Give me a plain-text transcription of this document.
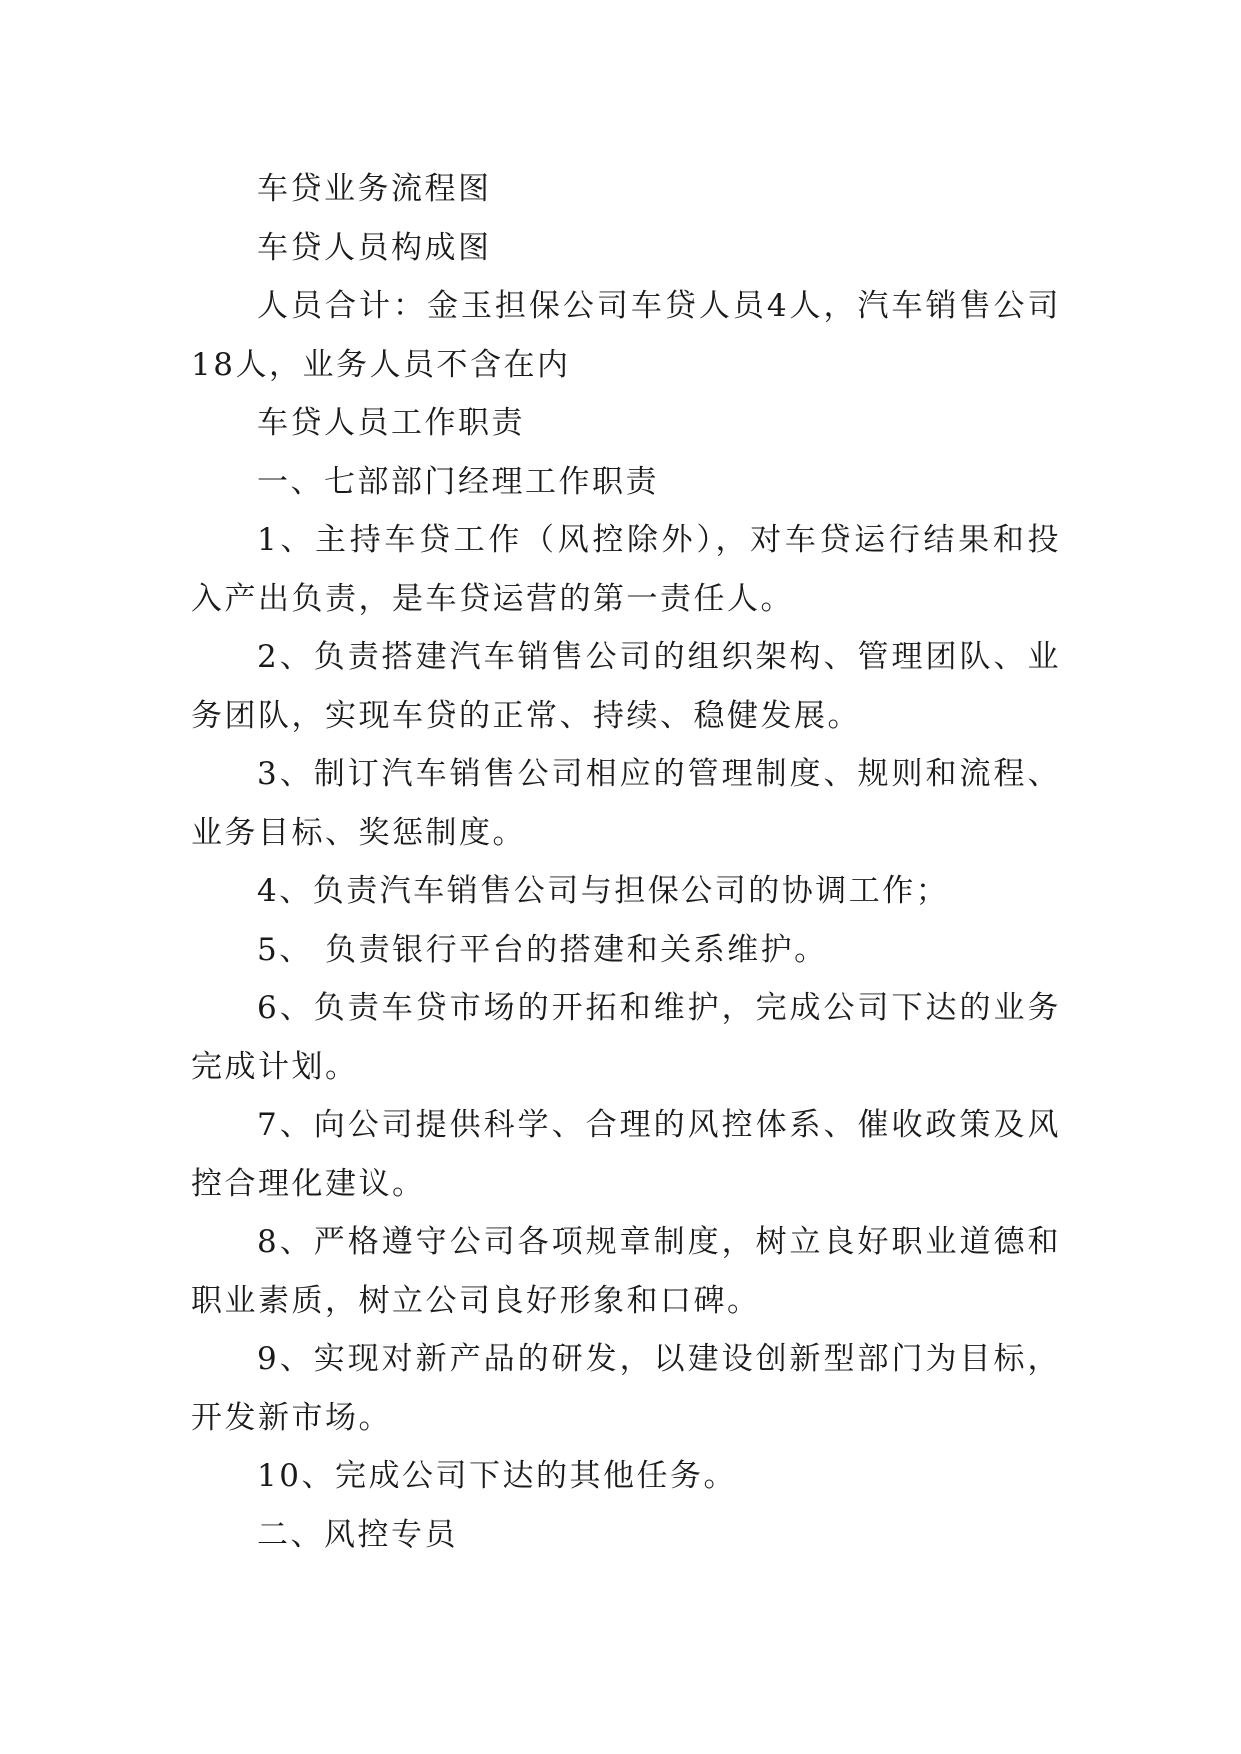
车贷业务流程图

车贷人员构成图

人员合计：金玉担保公司车贷人员4人，汽车销售公司18人，业务人员不含在内

车贷人员工作职责

一、七部部门经理工作职责

1、主持车贷工作（风控除外），对车贷运行结果和投入产出负责，是车贷运营的第一责任人。

2、负责搭建汽车销售公司的组织架构、管理团队、业务团队，实现车贷的正常、持续、稳健发展。

3、制订汽车销售公司相应的管理制度、规则和流程、业务目标、奖惩制度。

4、负责汽车销售公司与担保公司的协调工作；

5、 负责银行平台的搭建和关系维护。

6、负责车贷市场的开拓和维护，完成公司下达的业务完成计划。

7、向公司提供科学、合理的风控体系、催收政策及风控合理化建议。

8、严格遵守公司各项规章制度，树立良好职业道德和职业素质，树立公司良好形象和口碑。

9、实现对新产品的研发，以建设创新型部门为目标，开发新市场。

10、完成公司下达的其他任务。

二、风控专员
